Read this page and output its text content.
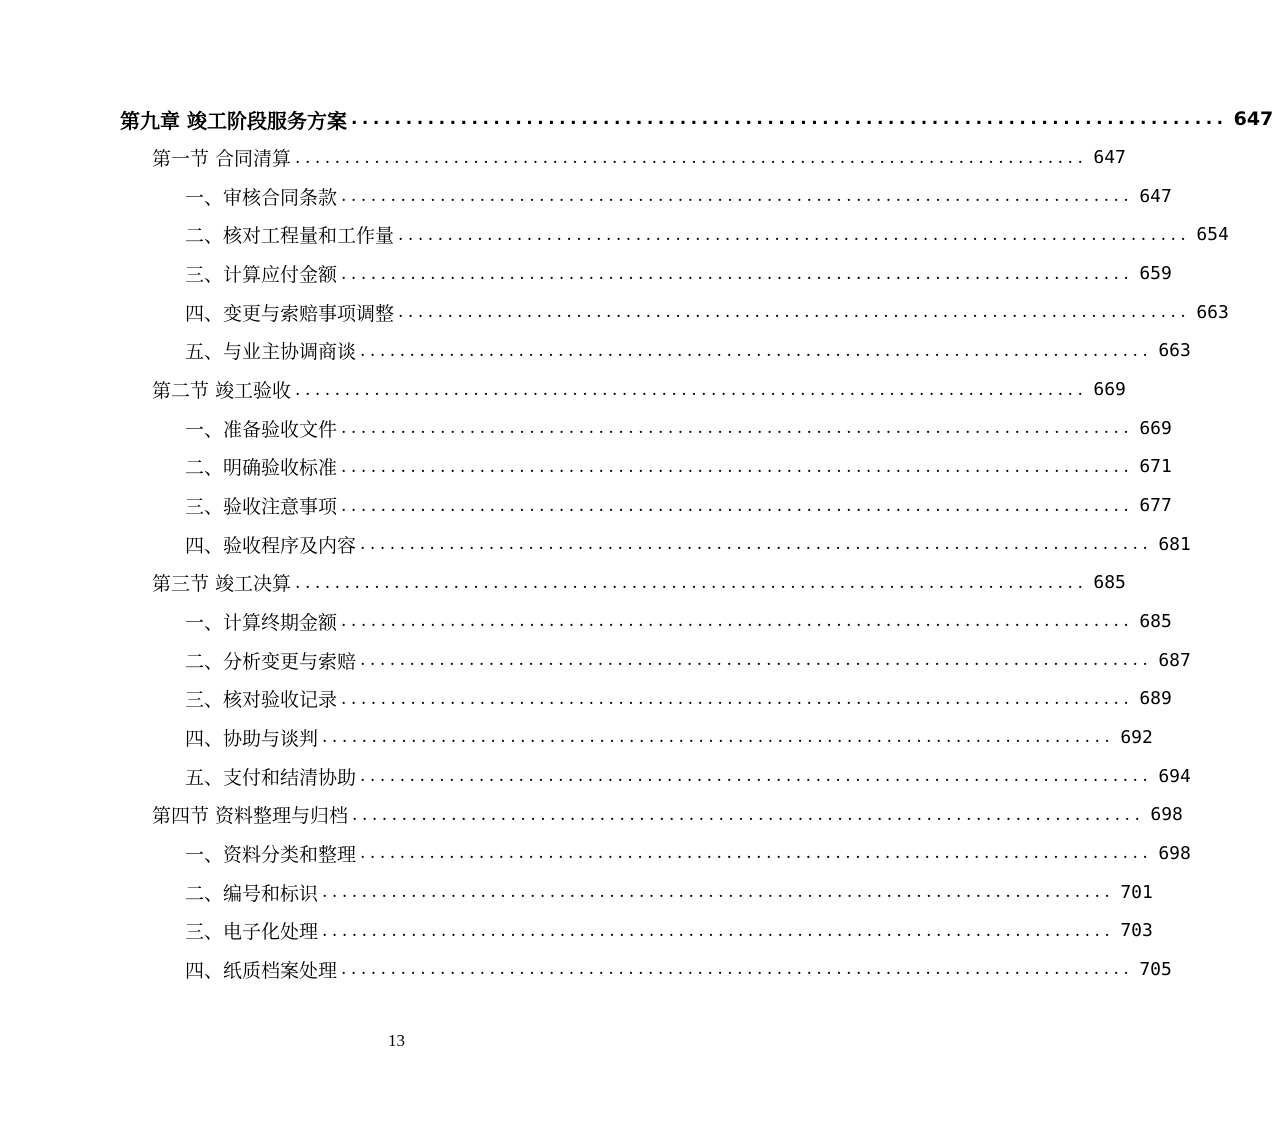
第九章 竣工阶段服务方案 ................................................................................ 647
第一节 合同清算 ................................................................................ 647
一、审核合同条款 ................................................................................ 647
二、核对工程量和工作量 ................................................................................ 654
三、计算应付金额 ................................................................................ 659
四、变更与索赔事项调整 ................................................................................ 663
五、与业主协调商谈 ................................................................................ 663
第二节 竣工验收 ................................................................................ 669
一、准备验收文件 ................................................................................ 669
二、明确验收标准 ................................................................................ 671
三、验收注意事项 ................................................................................ 677
四、验收程序及内容 ................................................................................ 681
第三节 竣工决算 ................................................................................ 685
一、计算终期金额 ................................................................................ 685
二、分析变更与索赔 ................................................................................ 687
三、核对验收记录 ................................................................................ 689
四、协助与谈判 ................................................................................ 692
五、支付和结清协助 ................................................................................ 694
第四节 资料整理与归档 ................................................................................ 698
一、资料分类和整理 ................................................................................ 698
二、编号和标识 ................................................................................ 701
三、电子化处理 ................................................................................ 703
四、纸质档案处理 ................................................................................ 705
13
